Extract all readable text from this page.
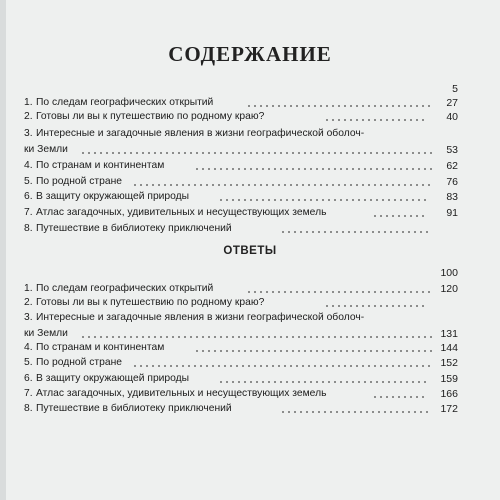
СОДЕРЖАНИЕ
ОТВЕТЫ
5
100
1. По следам географических открытий	27
2. Готовы ли вы к путешествию по родному краю?	40
3. Интересные и загадочные явления в жизни географической оболоч-
ки Земли	53
4. По странам и континентам	62
5. По родной стране	76
6. В защиту окружающей природы	83
7. Атлас загадочных, удивительных и несуществующих земель	91
8. Путешествие в библиотеку приключений
1. По следам географических открытий	120
2. Готовы ли вы к путешествию по родному краю?
3. Интересные и загадочные явления в жизни географической оболоч-
ки Земли	131
4. По странам и континентам	144
5. По родной стране	152
6. В защиту окружающей природы	159
7. Атлас загадочных, удивительных и несуществующих земель	166
8. Путешествие в библиотеку приключений	172
